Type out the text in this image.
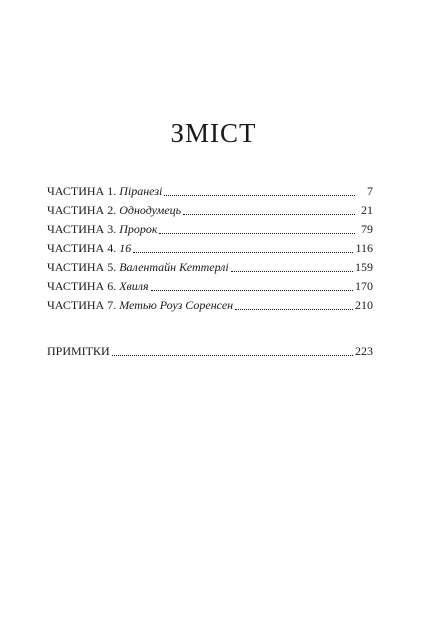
ЗМІСТ
ЧАСТИНА 1. Піранезі	7
ЧАСТИНА 2. Однодумець	21
ЧАСТИНА 3. Пророк	79
ЧАСТИНА 4. 16	116
ЧАСТИНА 5. Валентайн Кеттерлі	159
ЧАСТИНА 6. Хвиля	170
ЧАСТИНА 7. Метью Роуз Соренсен	210
ПРИМІТКИ	223
